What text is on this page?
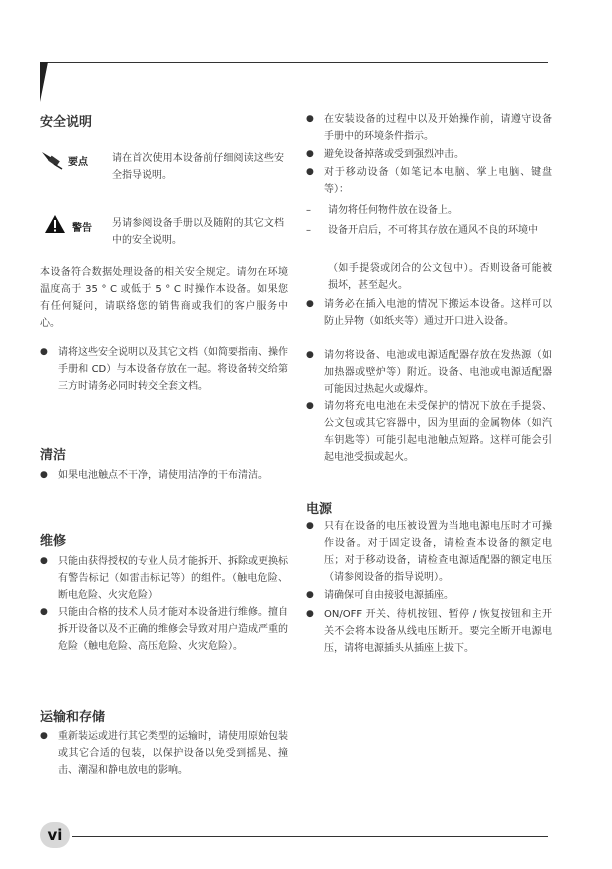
安全说明
要点 请在首次使用本设备前仔细阅读这些安全指导说明。

警告 另请参阅设备手册以及随附的其它文档中的安全说明。

本设备符合数据处理设备的相关安全规定。请勿在环境温度高于 35 ° C 或低于 5 ° C 时操作本设备。如果您有任何疑问，请联络您的销售商或我们的客户服务中心。

● 请将这些安全说明以及其它文档（如简要指南、操作手册和 CD）与本设备存放在一起。将设备转交给第三方时请务必同时转交全套文档。
清洁
● 如果电池触点不干净，请使用洁净的干布清洁。
维修
● 只能由获得授权的专业人员才能拆开、拆除或更换标有警告标记（如雷击标记等）的组件。（触电危险、断电危险、火灾危险）
● 只能由合格的技术人员才能对本设备进行维修。擅自拆开设备以及不正确的维修会导致对用户造成严重的危险（触电危险、高压危险、火灾危险）。
运输和存储
● 重新装运或进行其它类型的运输时，请使用原始包装或其它合适的包装，以保护设备以免受到摇晃、撞击、潮湿和静电放电的影响。
● 在安装设备的过程中以及开始操作前，请遵守设备手册中的环境条件指示。
● 避免设备掉落或受到强烈冲击。
● 对于移动设备（如笔记本电脑、掌上电脑、键盘等）：
– 请勿将任何物件放在设备上。
– 设备开启后，不可将其存放在通风不良的环境中

（如手提袋或闭合的公文包中）。否则设备可能被损坏，甚至起火。

● 请务必在插入电池的情况下搬运本设备。这样可以防止异物（如纸夹等）通过开口进入设备。
● 请勿将设备、电池或电源适配器存放在发热源（如加热器或壁炉等）附近。设备、电池或电源适配器可能因过热起火或爆炸。
● 请勿将充电电池在未受保护的情况下放在手提袋、公文包或其它容器中，因为里面的金属物体（如汽车钥匙等）可能引起电池触点短路。这样可能会引起电池受损或起火。
电源
● 只有在设备的电压被设置为当地电源电压时才可操作设备。对于固定设备，请检查本设备的额定电压；对于移动设备，请检查电源适配器的额定电压（请参阅设备的指导说明）。
● 请确保可自由接驳电源插座。
● ON/OFF 开关、待机按钮、暂停 / 恢复按钮和主开关不会将本设备从线电压断开。要完全断开电源电压，请将电源插头从插座上拔下。
vi
